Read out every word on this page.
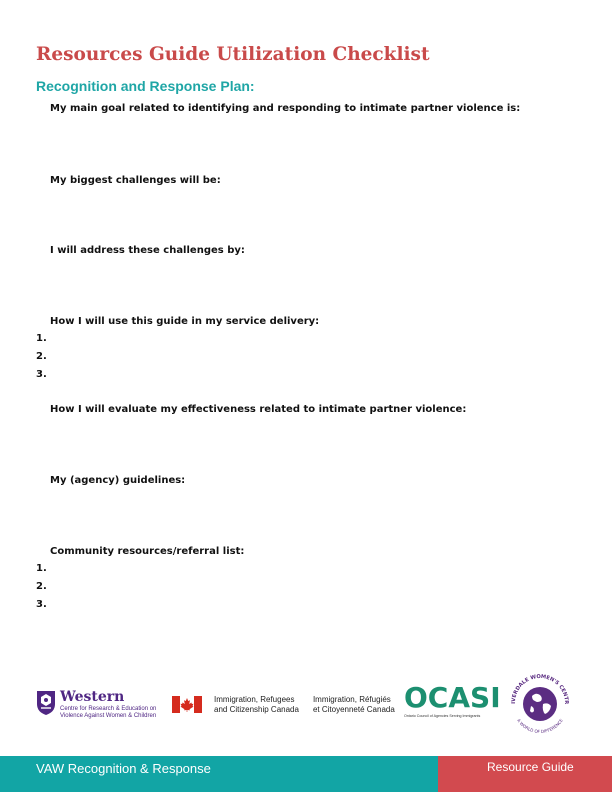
Resources Guide Utilization Checklist
Recognition and Response Plan:
My main goal related to identifying and responding to intimate partner violence is:
My biggest challenges will be:
I will address these challenges by:
How I will use this guide in my service delivery:
1.
2.
3.
How I will evaluate my effectiveness related to intimate partner violence:
My (agency) guidelines:
Community resources/referral list:
1.
2.
3.
Western
Centre for Research & Education on
Violence Against Women & Children
Immigration, Refugees
and Citizenship Canada
Immigration, Réfugiés
et Citoyenneté Canada OCASI
Ontario Council of Agencies Serving Immigrants
IVERDALE WOMEN'S CENTR
A WORLD OF DIFFERENCE
VAW Recognition & Response	Resource Guide
